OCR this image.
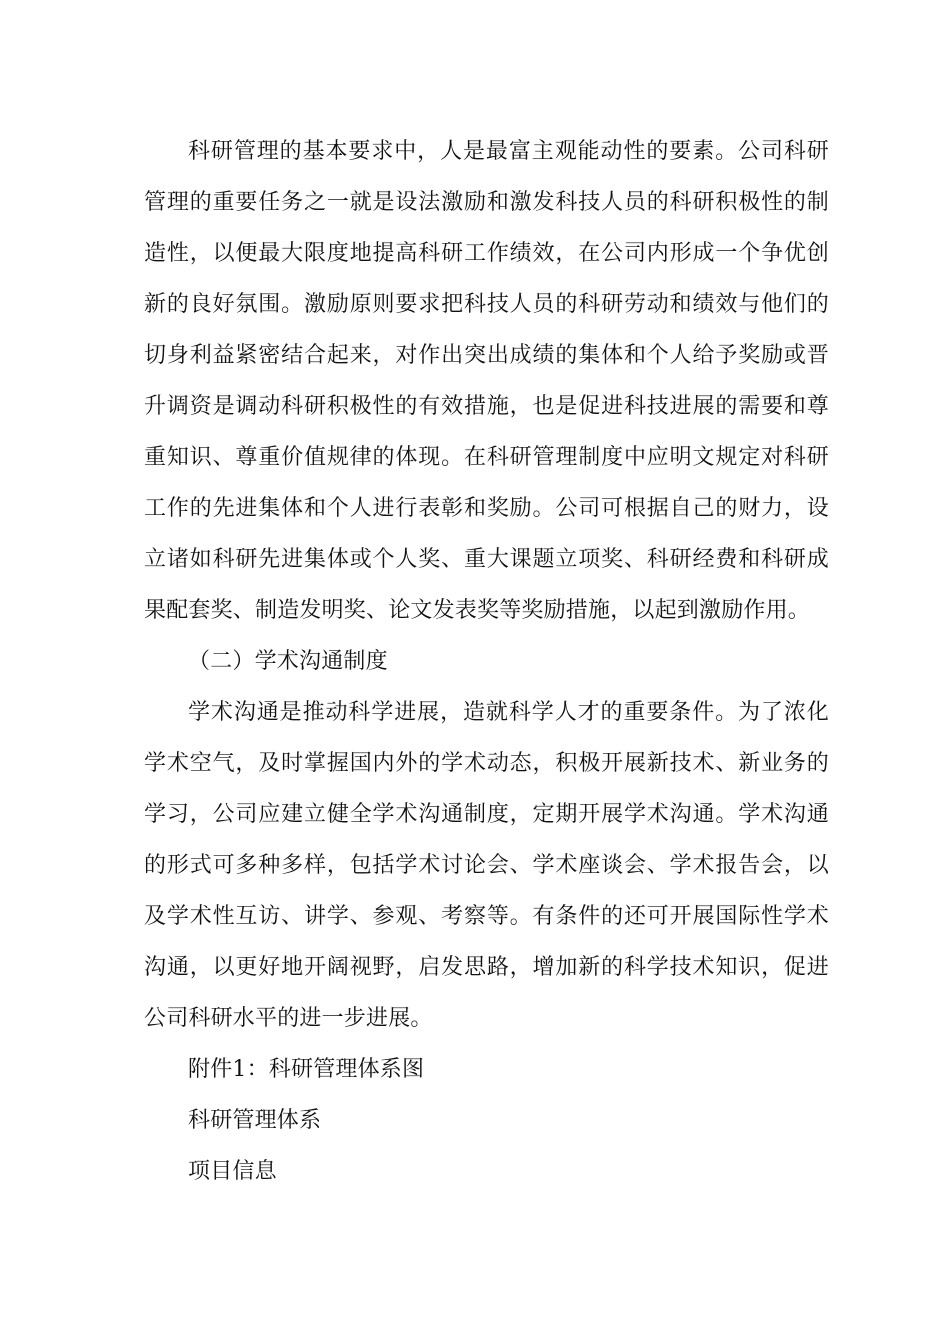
科研管理的基本要求中，人是最富主观能动性的要素。公司科研管理的重要任务之一就是设法激励和激发科技人员的科研积极性的制造性，以便最大限度地提高科研工作绩效，在公司内形成一个争优创新的良好氛围。激励原则要求把科技人员的科研劳动和绩效与他们的切身利益紧密结合起来，对作出突出成绩的集体和个人给予奖励或晋升调资是调动科研积极性的有效措施，也是促进科技进展的需要和尊重知识、尊重价值规律的体现。在科研管理制度中应明文规定对科研工作的先进集体和个人进行表彰和奖励。公司可根据自己的财力，设立诸如科研先进集体或个人奖、重大课题立项奖、科研经费和科研成果配套奖、制造发明奖、论文发表奖等奖励措施，以起到激励作用。

（二）学术沟通制度

学术沟通是推动科学进展，造就科学人才的重要条件。为了浓化学术空气，及时掌握国内外的学术动态，积极开展新技术、新业务的学习，公司应建立健全学术沟通制度，定期开展学术沟通。学术沟通的形式可多种多样，包括学术讨论会、学术座谈会、学术报告会，以及学术性互访、讲学、参观、考察等。有条件的还可开展国际性学术沟通，以更好地开阔视野，启发思路，增加新的科学技术知识，促进公司科研水平的进一步进展。

附件1：科研管理体系图

科研管理体系

项目信息
